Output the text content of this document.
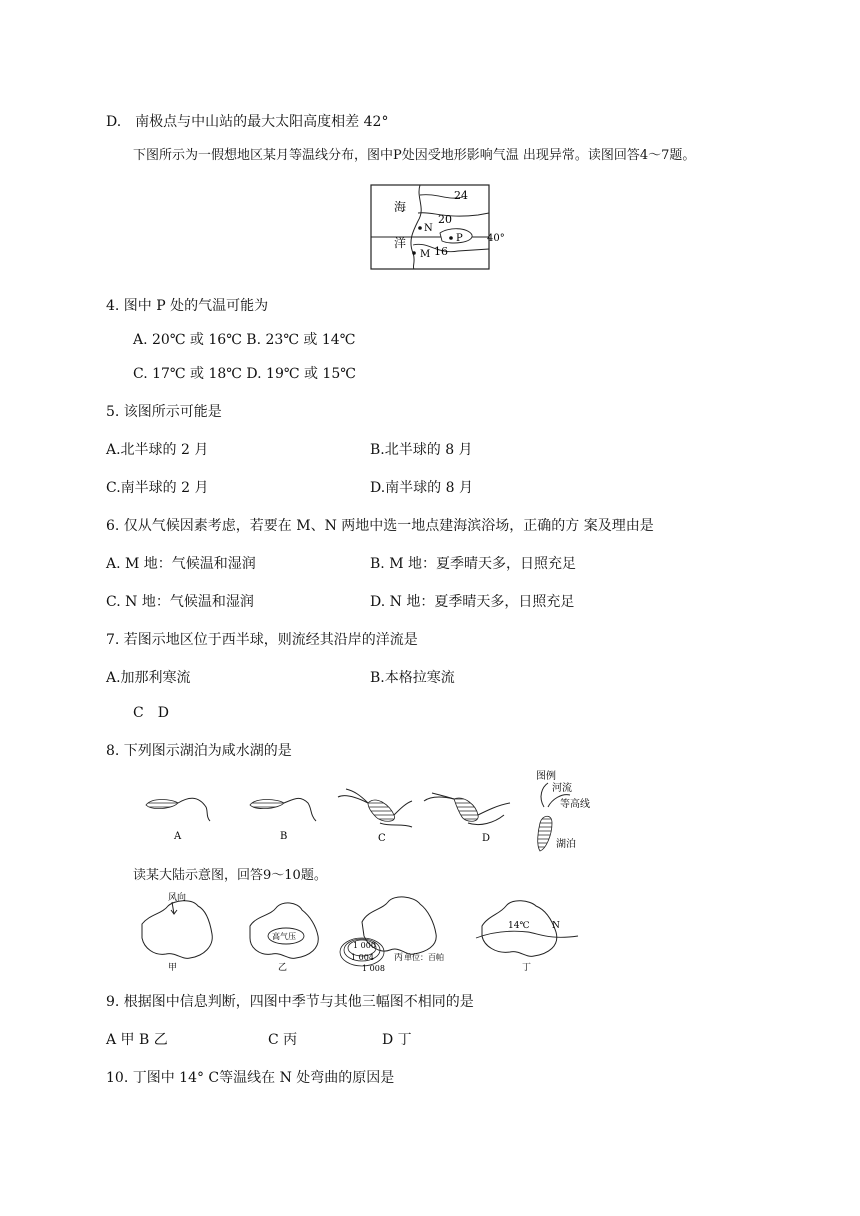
D.　南极点与中山站的最大太阳高度相差 42°
下图所示为一假想地区某月等温线分布，图中P处因受地形影响气温 出现异常。读图回答4～7题。
海
洋
24
20
16
40°
N
M
P
4. 图中 P 处的气温可能为
A. 20℃ 或 16℃ B. 23℃ 或 14℃
C. 17℃ 或 18℃ D. 19℃ 或 15℃
5. 该图所示可能是
A.北半球的 2 月	B.北半球的 8 月
C.南半球的 2 月	D.南半球的 8 月
6. 仅从气候因素考虑，若要在 M、N 两地中选一地点建海滨浴场，正确的方 案及理由是
A. M 地：气候温和湿润	B. M 地：夏季晴天多，日照充足
C. N 地：气候温和湿润	D. N 地：夏季晴天多，日照充足
7. 若图示地区位于西半球，则流经其沿岸的洋流是
A.加那利寒流	B.本格拉寒流
C　D
8. 下列图示湖泊为咸水湖的是
A	B	C	D
图例
河流
等高线
湖泊
读某大陆示意图，回答9～10题。
风向
甲
高气压
乙
1 000
1 004
1 008
丙 单位：百帕
14℃ N
丁
9. 根据图中信息判断，四图中季节与其他三幅图不相同的是
A 甲 B 乙	C 丙	D 丁
10. 丁图中 14° C等温线在 N 处弯曲的原因是
